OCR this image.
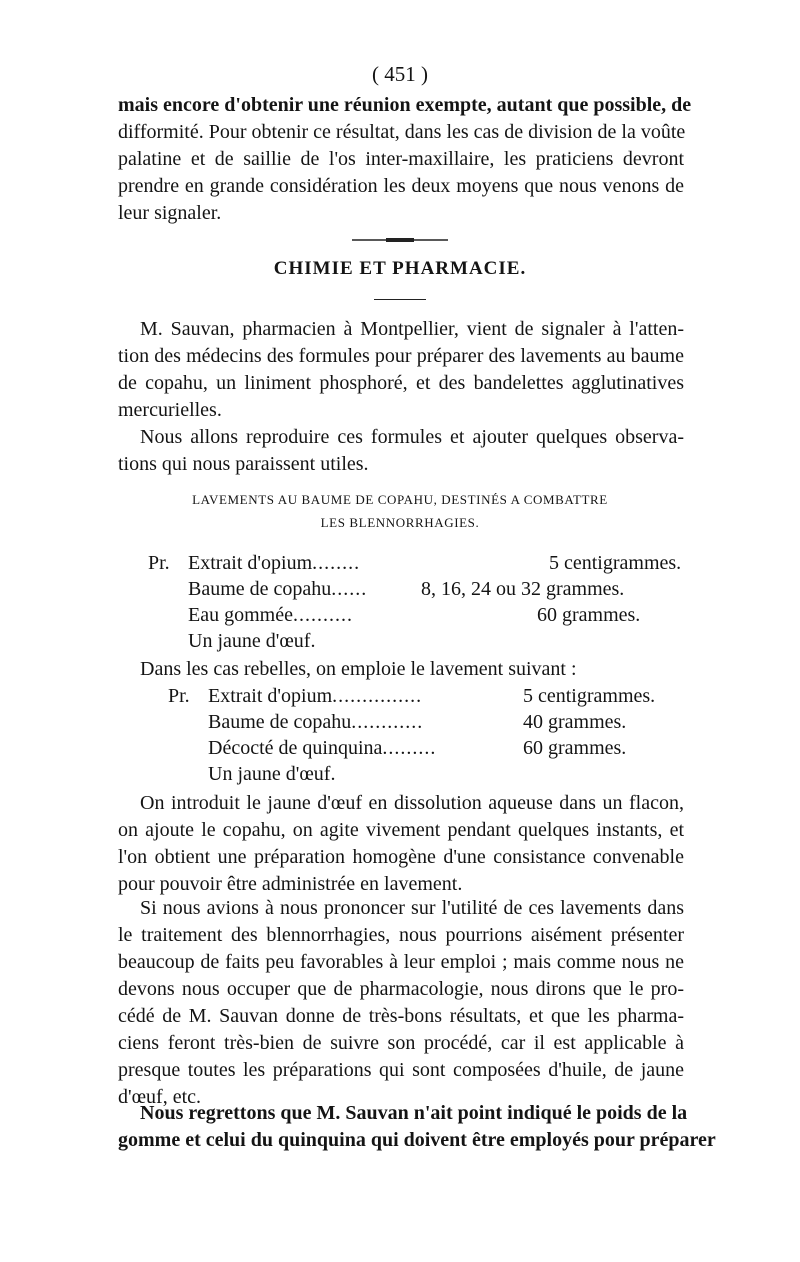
( 451 )
mais encore d'obtenir une réunion exempte, autant que possible, de
difformité. Pour obtenir ce résultat, dans les cas de division de la voûte
palatine et de saillie de l'os inter-maxillaire, les praticiens devront
prendre en grande considération les deux moyens que nous venons de
leur signaler.
CHIMIE ET PHARMACIE.
M. Sauvan, pharmacien à Montpellier, vient de signaler à l'atten-
tion des médecins des formules pour préparer des lavements au baume
de copahu, un liniment phosphoré, et des bandelettes agglutinatives
mercurielles.
Nous allons reproduire ces formules et ajouter quelques observa-
tions qui nous paraissent utiles.
LAVEMENTS AU BAUME DE COPAHU, DESTINÉS A COMBATTRE
LES BLENNORRHAGIES.
Pr. Extrait d'opium........	5 centigrammes.
Baume de copahu......	8, 16, 24 ou 32 grammes.
Eau gommée..........	60 grammes.
Un jaune d'œuf.
Dans les cas rebelles, on emploie le lavement suivant :
Pr. Extrait d'opium...............	5 centigrammes.
Baume de copahu............	40 grammes.
Décocté de quinquina.........	60 grammes.
Un jaune d'œuf.
On introduit le jaune d'œuf en dissolution aqueuse dans un flacon,
on ajoute le copahu, on agite vivement pendant quelques instants, et
l'on obtient une préparation homogène d'une consistance convenable
pour pouvoir être administrée en lavement.
Si nous avions à nous prononcer sur l'utilité de ces lavements dans
le traitement des blennorrhagies, nous pourrions aisément présenter
beaucoup de faits peu favorables à leur emploi ; mais comme nous ne
devons nous occuper que de pharmacologie, nous dirons que le pro-
cédé de M. Sauvan donne de très-bons résultats, et que les pharma-
ciens feront très-bien de suivre son procédé, car il est applicable à
presque toutes les préparations qui sont composées d'huile, de jaune
d'œuf, etc.
Nous regrettons que M. Sauvan n'ait point indiqué le poids de la
gomme et celui du quinquina qui doivent être employés pour préparer
